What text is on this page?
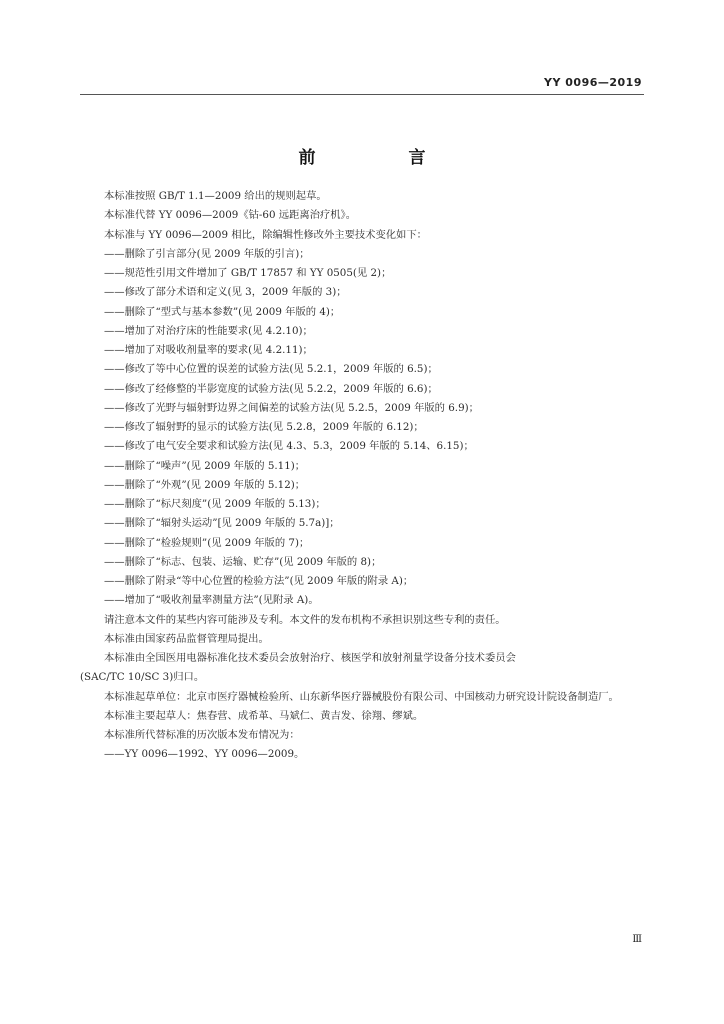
YY 0096—2019
前　言

本标准按照 GB/T 1.1—2009 给出的规则起草。

本标准代替 YY 0096—2009《钴-60 远距离治疗机》。

本标准与 YY 0096—2009 相比，除编辑性修改外主要技术变化如下：

——删除了引言部分(见 2009 年版的引言)；

——规范性引用文件增加了 GB/T 17857 和 YY 0505(见 2)；

——修改了部分术语和定义(见 3，2009 年版的 3)；

——删除了“型式与基本参数”(见 2009 年版的 4)；

——增加了对治疗床的性能要求(见 4.2.10)；

——增加了对吸收剂量率的要求(见 4.2.11)；

——修改了等中心位置的误差的试验方法(见 5.2.1，2009 年版的 6.5)；

——修改了经修整的半影宽度的试验方法(见 5.2.2，2009 年版的 6.6)；

——修改了光野与辐射野边界之间偏差的试验方法(见 5.2.5，2009 年版的 6.9)；

——修改了辐射野的显示的试验方法(见 5.2.8，2009 年版的 6.12)；

——修改了电气安全要求和试验方法(见 4.3、5.3，2009 年版的 5.14、6.15)；

——删除了“噪声”(见 2009 年版的 5.11)；

——删除了“外观”(见 2009 年版的 5.12)；

——删除了“标尺刻度”(见 2009 年版的 5.13)；

——删除了“辐射头运动”[见 2009 年版的 5.7a)]；

——删除了“检验规则”(见 2009 年版的 7)；

——删除了“标志、包装、运输、贮存”(见 2009 年版的 8)；

——删除了附录“等中心位置的检验方法”(见 2009 年版的附录 A)；

——增加了“吸收剂量率测量方法”(见附录 A)。

请注意本文件的某些内容可能涉及专利。本文件的发布机构不承担识别这些专利的责任。

本标准由国家药品监督管理局提出。

本标准由全国医用电器标准化技术委员会放射治疗、核医学和放射剂量学设备分技术委员会

(SAC/TC 10/SC 3)归口。

本标准起草单位：北京市医疗器械检验所、山东新华医疗器械股份有限公司、中国核动力研究设计院设备制造厂。

本标准主要起草人：焦春营、成希革、马斌仁、黄吉发、徐翔、缪斌。

本标准所代替标准的历次版本发布情况为：

——YY 0096—1992、YY 0096—2009。

Ⅲ
